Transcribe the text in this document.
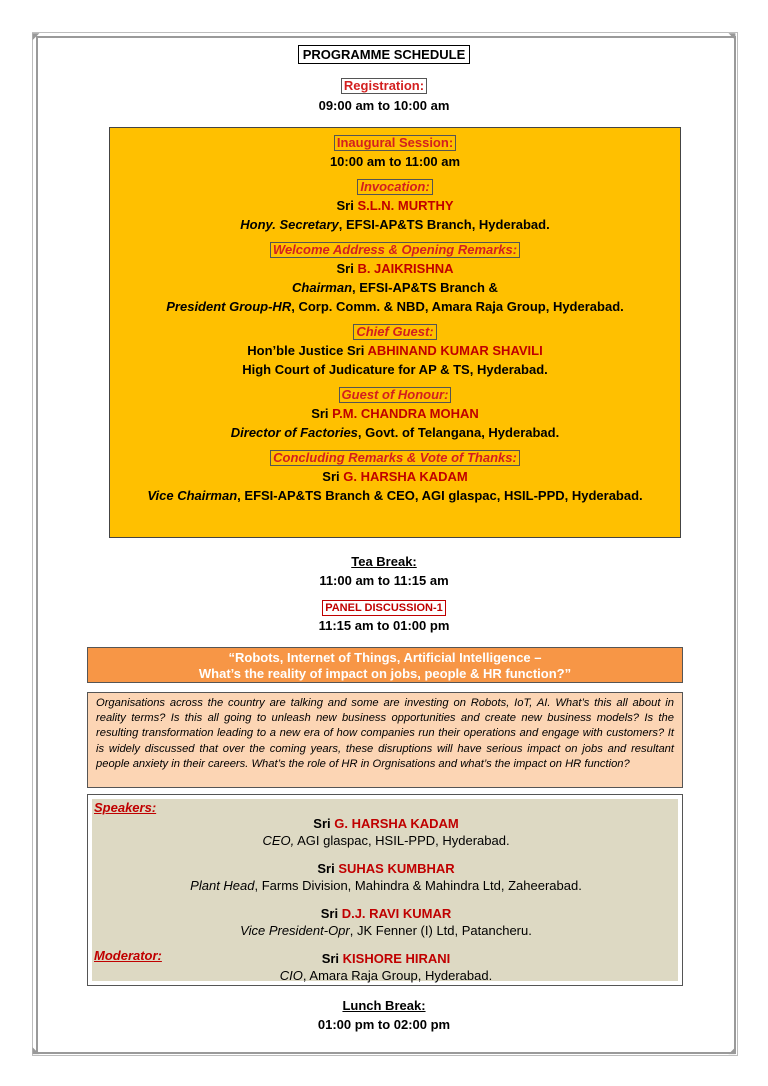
◤	◥
◣	◢
PROGRAMME SCHEDULE
Registration:
09:00 am to 10:00 am
Inaugural Session:
10:00 am to 11:00 am
Invocation:
Sri S.L.N. MURTHY
Hony. Secretary, EFSI-AP&TS Branch, Hyderabad.
Welcome Address & Opening Remarks:
Sri B. JAIKRISHNA
Chairman, EFSI-AP&TS Branch &
President Group-HR, Corp. Comm. & NBD, Amara Raja Group, Hyderabad.
Chief Guest:
Hon’ble Justice Sri ABHINAND KUMAR SHAVILI
High Court of Judicature for AP & TS, Hyderabad.
Guest of Honour:
Sri P.M. CHANDRA MOHAN
Director of Factories, Govt. of Telangana, Hyderabad.
Concluding Remarks & Vote of Thanks:
Sri G. HARSHA KADAM
Vice Chairman, EFSI-AP&TS Branch & CEO, AGI glaspac, HSIL-PPD, Hyderabad.
Tea Break:
11:00 am to 11:15 am
PANEL DISCUSSION-1
11:15 am to 01:00 pm
“Robots, Internet of Things, Artificial Intelligence –
What’s the reality of impact on jobs, people & HR function?”
Organisations across the country are talking and some are investing on Robots, IoT, AI. What’s this all about in reality terms? Is this all going to unleash new business opportunities and create new business models? Is the resulting transformation leading to a new era of how companies run their operations and engage with customers? It is widely discussed that over the coming years, these disruptions will have serious impact on jobs and resultant people anxiety in their careers. What’s the role of HR in Orgnisations and what’s the impact on HR function?
Speakers:
Moderator:
Sri G. HARSHA KADAM
CEO, AGI glaspac, HSIL-PPD, Hyderabad.
Sri SUHAS KUMBHAR
Plant Head, Farms Division, Mahindra & Mahindra Ltd, Zaheerabad.
Sri D.J. RAVI KUMAR
Vice President-Opr, JK Fenner (I) Ltd, Patancheru.
Sri KISHORE HIRANI
CIO, Amara Raja Group, Hyderabad.
Lunch Break:
01:00 pm to 02:00 pm
